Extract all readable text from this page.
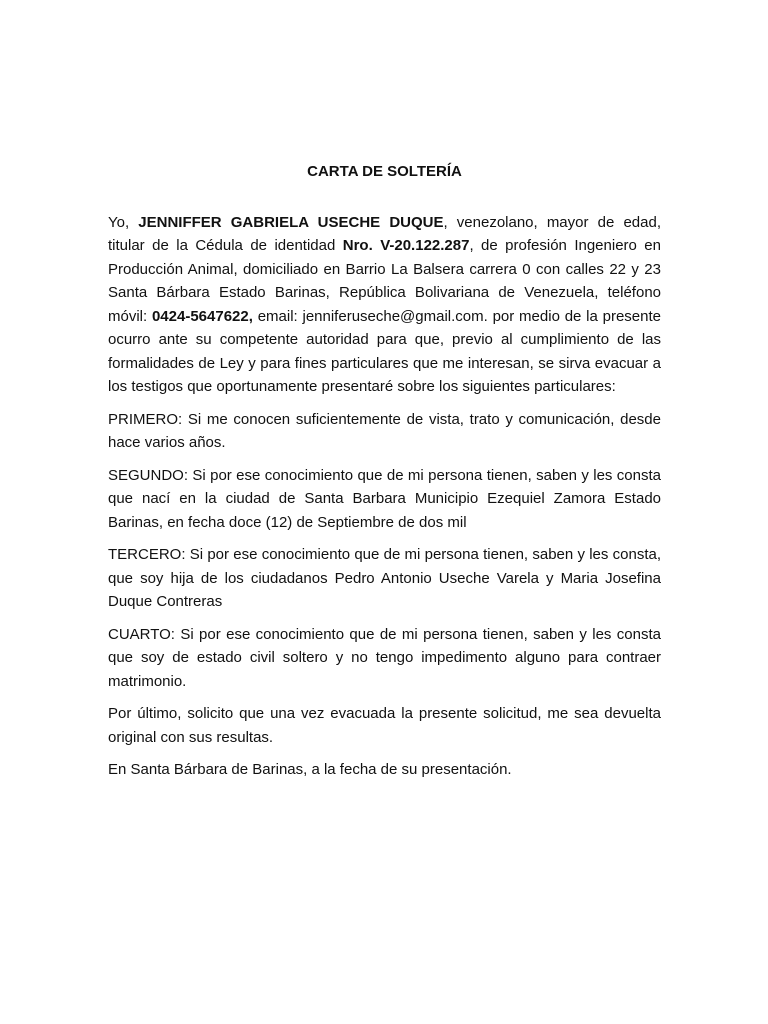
CARTA DE SOLTERÍA

Yo, JENNIFFER GABRIELA USECHE DUQUE, venezolano, mayor de edad, titular de la Cédula de identidad Nro. V-20.122.287, de profesión Ingeniero en Producción Animal, domiciliado en Barrio La Balsera carrera 0 con calles 22 y 23 Santa Bárbara Estado Barinas, República Bolivariana de Venezuela, teléfono móvil: 0424-5647622, email: jenniferuseche@gmail.com. por medio de la presente ocurro ante su competente autoridad para que, previo al cumplimiento de las formalidades de Ley y para fines particulares que me interesan, se sirva evacuar a los testigos que oportunamente presentaré sobre los siguientes particulares:

PRIMERO: Si me conocen suficientemente de vista, trato y comunicación, desde hace varios años.

SEGUNDO: Si por ese conocimiento que de mi persona tienen, saben y les consta que nací en la ciudad de Santa Barbara Municipio Ezequiel Zamora Estado Barinas, en fecha doce (12) de Septiembre de dos mil

TERCERO: Si por ese conocimiento que de mi persona tienen, saben y les consta, que soy hija de los ciudadanos Pedro Antonio Useche Varela y Maria Josefina Duque Contreras

CUARTO: Si por ese conocimiento que de mi persona tienen, saben y les consta que soy de estado civil soltero y no tengo impedimento alguno para contraer matrimonio.

Por último, solicito que una vez evacuada la presente solicitud, me sea devuelta original con sus resultas.

En Santa Bárbara de Barinas, a la fecha de su presentación.
